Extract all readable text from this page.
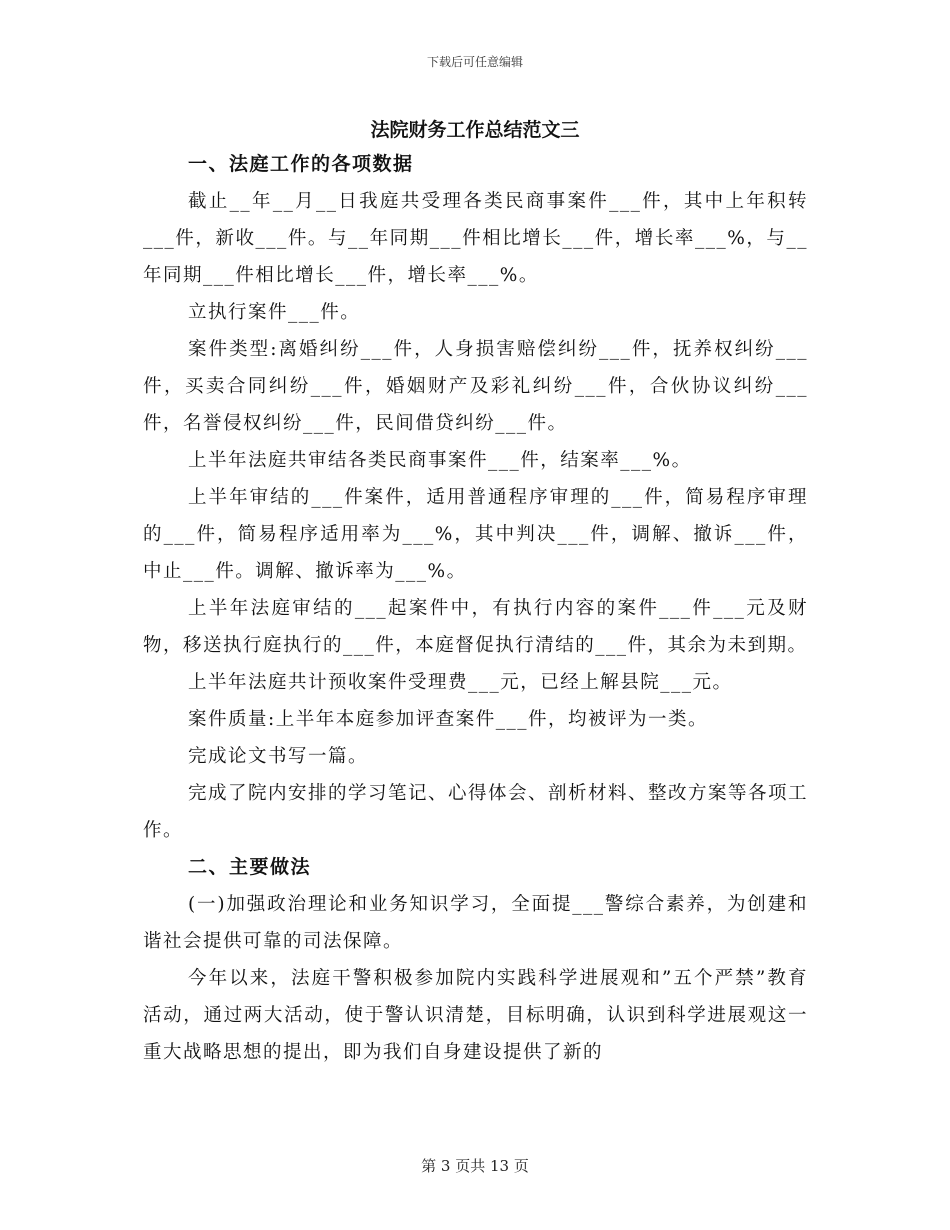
下载后可任意编辑
法院财务工作总结范文三

一、法庭工作的各项数据

截止__年__月__日我庭共受理各类民商事案件___件，其中上年积转___件，新收___件。与__年同期___件相比增长___件，增长率___%，与__年同期___件相比增长___件，增长率___%。

立执行案件___件。

案件类型:离婚纠纷___件，人身损害赔偿纠纷___件，抚养权纠纷___件，买卖合同纠纷___件，婚姻财产及彩礼纠纷___件，合伙协议纠纷___件，名誉侵权纠纷___件，民间借贷纠纷___件。

上半年法庭共审结各类民商事案件___件，结案率___%。

上半年审结的___件案件，适用普通程序审理的___件，简易程序审理的___件，简易程序适用率为___%，其中判决___件，调解、撤诉___件，中止___件。调解、撤诉率为___%。

上半年法庭审结的___起案件中，有执行内容的案件___件___元及财物，移送执行庭执行的___件，本庭督促执行清结的___件，其余为未到期。

上半年法庭共计预收案件受理费___元，已经上解县院___元。

案件质量:上半年本庭参加评查案件___件，均被评为一类。

完成论文书写一篇。

完成了院内安排的学习笔记、心得体会、剖析材料、整改方案等各项工作。

二、主要做法

(一)加强政治理论和业务知识学习，全面提___警综合素养，为创建和谐社会提供可靠的司法保障。

今年以来，法庭干警积极参加院内实践科学进展观和”五个严禁”教育活动，通过两大活动，使于警认识清楚，目标明确，认识到科学进展观这一重大战略思想的提出，即为我们自身建设提供了新的

第 3 页共 13 页
